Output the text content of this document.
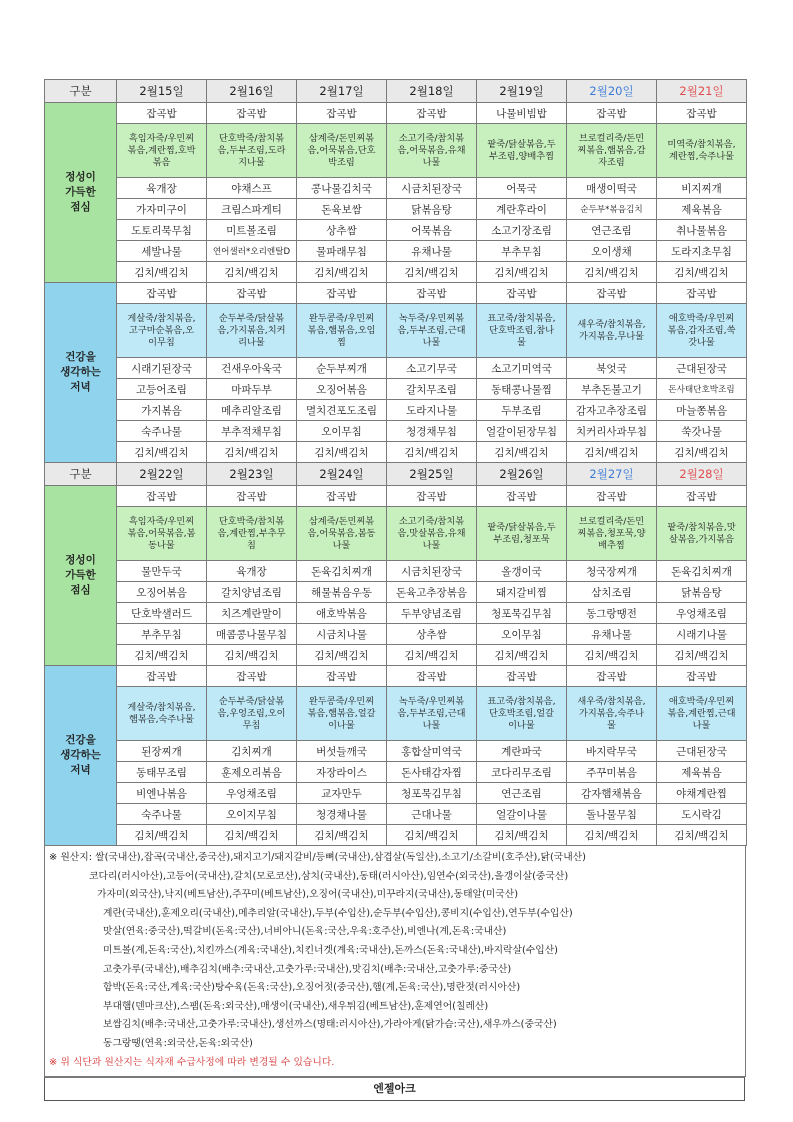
구분	2월15일	2월16일	2월17일	2월18일	2월19일	2월20일	2월21일
정성이
가득한
점심	잡곡밥	잡곡밥	잡곡밥	잡곡밥	나물비빔밥	잡곡밥	잡곡밥
	흑임자죽/우민찌
볶음,계란찜,호박
볶음	단호박죽/참치볶
음,두부조림,도라
지나물	삼계죽/돈민찌볶
음,어묵볶음,단호
박조림	소고기죽/참치볶
음,어묵볶음,유채
나물	팥죽/닭살볶음,두
부조림,양배추찜	브로컬리죽/돈민
찌볶음,햄볶음,감
자조림	미역죽/참치볶음,
계란찜,숙주나물
	육개장	야채스프	콩나물김치국	시금치된장국	어묵국	매생이떡국	비지찌개
	가자미구이	크림스파게티	돈육보쌈	닭볶음탕	계란후라이	순두부*볶음김치	제육볶음
	도토리묵무침	미트볼조림	상추쌈	어묵볶음	소고기장조림	연근조림	취나물볶음
	세발나물	연어샐러*오리엔탈D	물파래무침	유채나물	부추무침	오이생채	도라지초무침
	김치/백김치	김치/백김치	김치/백김치	김치/백김치	김치/백김치	김치/백김치	김치/백김치
건강을
생각하는
저녁	잡곡밥	잡곡밥	잡곡밥	잡곡밥	잡곡밥	잡곡밥	잡곡밥
	게살죽/참치볶음,
고구마순볶음,오
이무침	순두부죽/닭살볶
음,가지볶음,치커
리나물	완두콩죽/우민찌
볶음,햄볶음,오임
찜	녹두죽/우민찌볶
음,두부조림,근대
나물	표고죽/참치볶음,
단호박조림,참나
물	새우죽/참치볶음,
가지볶음,무나물	애호박죽/우민찌
볶음,감자조림,쑥
갓나물
	시래기된장국	건새우아욱국	순두부찌개	소고기무국	소고기미역국	북엇국	근대된장국
	고등어조림	마파두부	오징어볶음	갈치무조림	동태콩나물찜	부추돈불고기	돈사태단호박조림
	가지볶음	메추리알조림	멸치견포도조림	도라지나물	두부조림	감자고추장조림	마늘쫑볶음
	숙주나물	부추적채무침	오이무침	청경채무침	얼갈이된장무침	치커리사과무침	쑥갓나물
	김치/백김치	김치/백김치	김치/백김치	김치/백김치	김치/백김치	김치/백김치	김치/백김치
구분	2월22일	2월23일	2월24일	2월25일	2월26일	2월27일	2월28일
정성이
가득한
점심	잡곡밥	잡곡밥	잡곡밥	잡곡밥	잡곡밥	잡곡밥	잡곡밥
	흑임자죽/우민찌
볶음,어묵볶음,봄
동나물	단호박죽/참치볶
음,계란찜,부추무
침	삼계죽/돈민찌볶
음,어묵볶음,봄동
나물	소고기죽/참치볶
음,맛살볶음,유채
나물	팥죽/닭살볶음,두
부조림,청포묵	브로컬리죽/돈민
찌볶음,청포묵,양
배추찜	팥죽/참치볶음,맛
살볶음,가지볶음
	물만두국	육개장	돈육김치찌개	시금치된장국	올갱이국	청국장찌개	돈육김치찌개
	오징어볶음	갈치양념조림	해물볶음우동	돈육고추장볶음	돼지갈비찜	삼치조림	닭볶음탕
	단호박샐러드	치즈계란말이	애호박볶음	두부양념조림	청포묵김무침	동그랑땡전	우엉채조림
	부추무침	매콤콩나물무침	시금치나물	상추쌈	오이무침	유채나물	시래기나물
	김치/백김치	김치/백김치	김치/백김치	김치/백김치	김치/백김치	김치/백김치	김치/백김치
건강을
생각하는
저녁	잡곡밥	잡곡밥	잡곡밥	잡곡밥	잡곡밥	잡곡밥	잡곡밥
	게살죽/참치볶음,
햄볶음,숙주나물	순두부죽/닭살볶
음,우엉조림,오이
무침	완두콩죽/우민찌
볶음,햄볶음,얼갈
이나물	녹두죽/우민찌볶
음,두부조림,근대
나물	표고죽/참치볶음,
단호박조림,얼갈
이나물	새우죽/참치볶음,
가지볶음,숙주나
물	애호박죽/우민찌
볶음,계란찜,근대
나물
	된장찌개	김치찌개	버섯들깨국	홍합살미역국	계란파국	바지락무국	근대된장국
	동태무조림	훈제오리볶음	자장라이스	돈사태감자찜	코다리무조림	주꾸미볶음	제육볶음
	비엔나볶음	우엉채조림	교자만두	청포묵김무침	연근조림	감자햄채볶음	야채계란찜
	숙주나물	오이지무침	청경채나물	근대나물	얼갈이나물	돌나물무침	도시락김
	김치/백김치	김치/백김치	김치/백김치	김치/백김치	김치/백김치	김치/백김치	김치/백김치
※ 원산지: 쌀(국내산),잡곡(국내산,중국산),돼지고기/돼지갈비/등뼈(국내산),삼겹살(독일산),소고기/소갈비(호주산),닭(국내산)
코다리(러시아산),고등어(국내산),갈치(모로코산),삼치(국내산),동태(러시아산),임연수(외국산),올갱이살(중국산)
가자미(외국산),낙지(베트남산),주꾸미(베트남산),오징어(국내산),미꾸라지(국내산),동태알(미국산)
계란(국내산),훈제오리(국내산),메추리알(국내산),두부(수입산),순두부(수입산),콩비지(수입산),연두부(수입산)
맛살(연육:중국산),떡갈비(돈육:국산),너비아니(돈육:국산,우육:호주산),비엔나(계,돈육:국내산)
미트볼(계,돈육:국산),치킨까스(계육:국내산),치킨너겟(계육:국내산),돈까스(돈육:국내산),바지락살(수입산)
고춧가루(국내산),배추김치(배추:국내산,고춧가루:국내산),맛김치(배추:국내산,고춧가루:중국산)
함박(돈육:국산,계육:국산)탕수육(돈육:국산),오징어젓(중국산),햄(계,돈육:국산),명란젓(러시아산)
부대햄(덴마크산),스팸(돈육:외국산),매생이(국내산),새우튀김(베트남산),훈제연어(칠레산)
보쌈김치(배추:국내산,고춧가루:국내산),생선까스(명태:러시아산),가라아게(닭가슴:국산),새우까스(중국산)
동그랑땡(연육:외국산,돈육:외국산)
※ 위 식단과 원산지는 식자재 수급사정에 따라 변경될 수 있습니다.
엔젤아크
